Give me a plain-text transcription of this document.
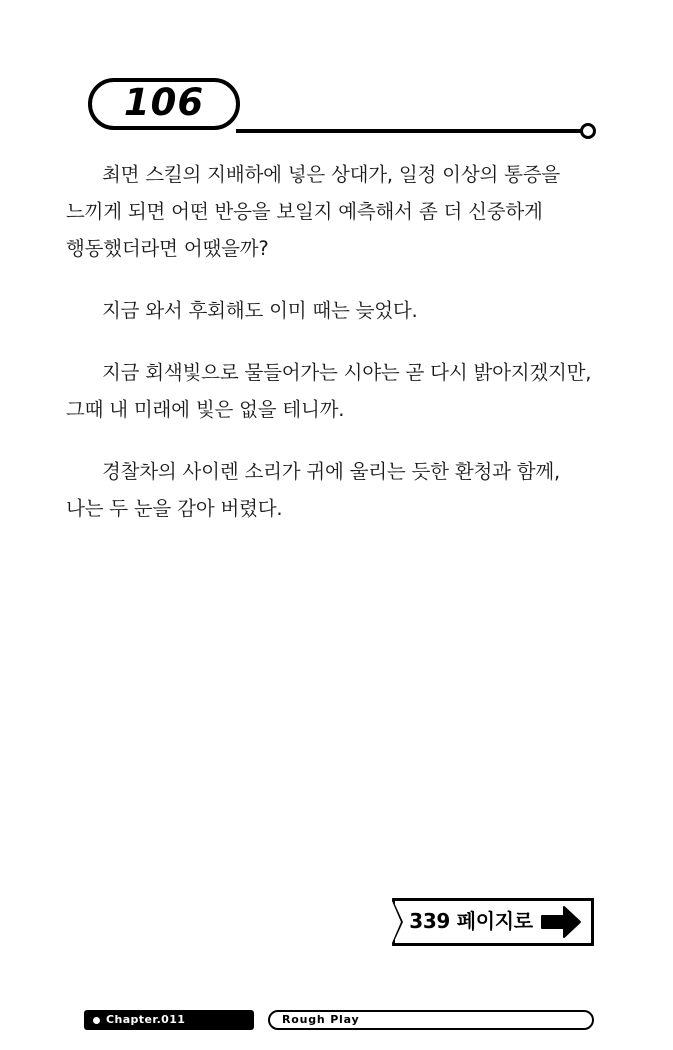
106

최면 스킬의 지배하에 넣은 상대가, 일정 이상의 통증을 느끼게 되면 어떤 반응을 보일지 예측해서 좀 더 신중하게 행동했더라면 어땠을까?

지금 와서 후회해도 이미 때는 늦었다.

지금 회색빛으로 물들어가는 시야는 곧 다시 밝아지겠지만, 그때 내 미래에 빛은 없을 테니까.

경찰차의 사이렌 소리가 귀에 울리는 듯한 환청과 함께, 나는 두 눈을 감아 버렸다.

339 페이지로
Chapter.011	Rough Play
